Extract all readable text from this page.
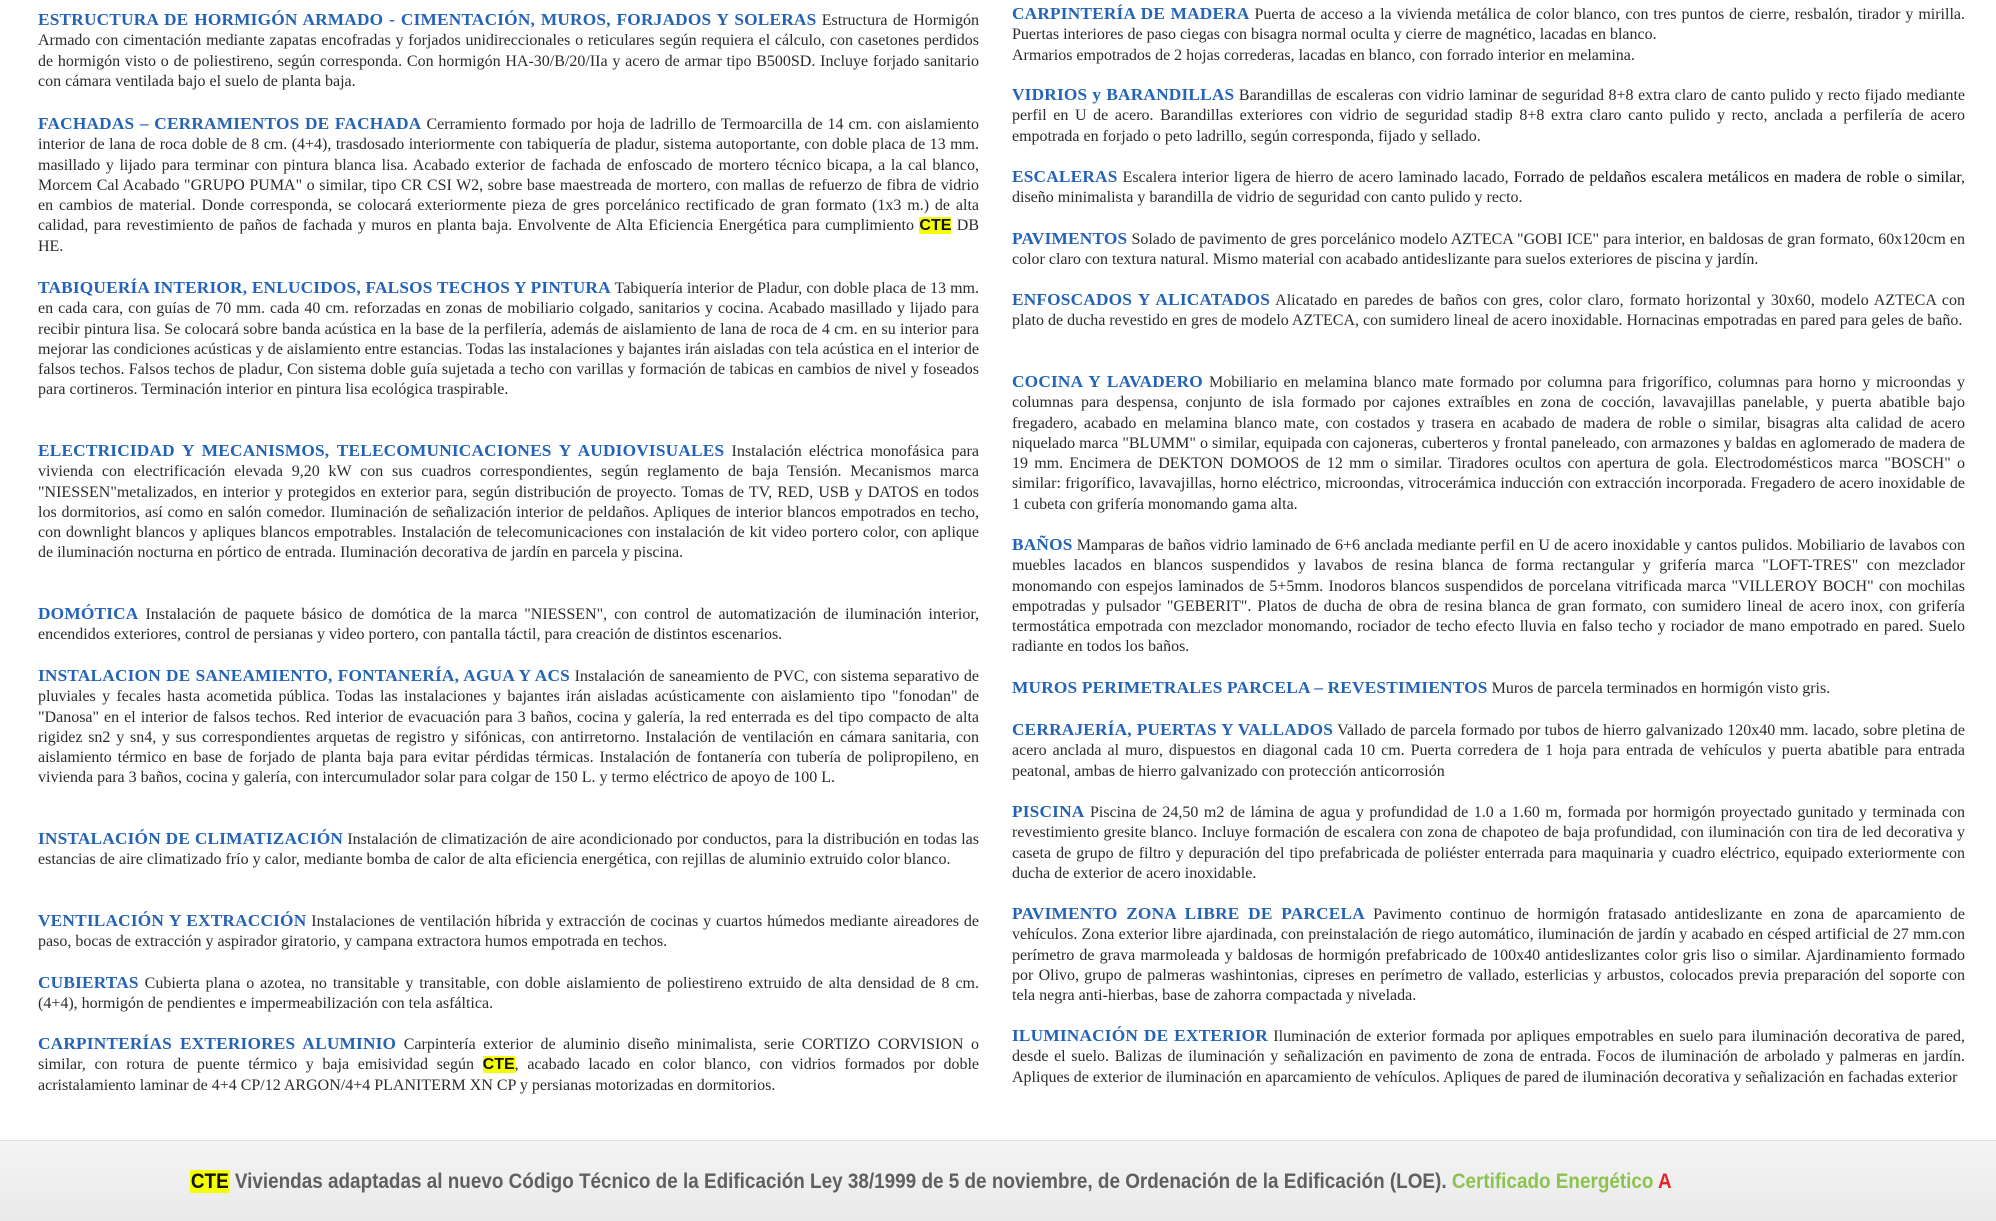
ESTRUCTURA DE HORMIGÓN ARMADO - CIMENTACIÓN, MUROS, FORJADOS Y SOLERAS Estructura de Hormigón Armado con cimentación mediante zapatas encofradas y forjados unidireccionales o reticulares según requiera el cálculo, con casetones perdidos de hormigón visto o de poliestireno, según corresponda. Con hormigón HA-30/B/20/IIa y acero de armar tipo B500SD. Incluye forjado sanitario con cámara ventilada bajo el suelo de planta baja.

FACHADAS – CERRAMIENTOS DE FACHADA Cerramiento formado por hoja de ladrillo de Termoarcilla de 14 cm. con aislamiento interior de lana de roca doble de 8 cm. (4+4), trasdosado interiormente con tabiquería de pladur, sistema autoportante, con doble placa de 13 mm. masillado y lijado para terminar con pintura blanca lisa. Acabado exterior de fachada de enfoscado de mortero técnico bicapa, a la cal blanco, Morcem Cal Acabado "GRUPO PUMA" o similar, tipo CR CSI W2, sobre base maestreada de mortero, con mallas de refuerzo de fibra de vidrio en cambios de material. Donde corresponda, se colocará exteriormente pieza de gres porcelánico rectificado de gran formato (1x3 m.) de alta calidad, para revestimiento de paños de fachada y muros en planta baja. Envolvente de Alta Eficiencia Energética para cumplimiento CTE DB HE.

TABIQUERÍA INTERIOR, ENLUCIDOS, FALSOS TECHOS Y PINTURA Tabiquería interior de Pladur, con doble placa de 13 mm. en cada cara, con guías de 70 mm. cada 40 cm. reforzadas en zonas de mobiliario colgado, sanitarios y cocina. Acabado masillado y lijado para recibir pintura lisa. Se colocará sobre banda acústica en la base de la perfilería, además de aislamiento de lana de roca de 4 cm. en su interior para mejorar las condiciones acústicas y de aislamiento entre estancias. Todas las instalaciones y bajantes irán aisladas con tela acústica en el interior de falsos techos. Falsos techos de pladur, Con sistema doble guía sujetada a techo con varillas y formación de tabicas en cambios de nivel y foseados para cortineros. Terminación interior en pintura lisa ecológica traspirable.

ELECTRICIDAD Y MECANISMOS, TELECOMUNICACIONES Y AUDIOVISUALES Instalación eléctrica monofásica para vivienda con electrificación elevada 9,20 kW con sus cuadros correspondientes, según reglamento de baja Tensión. Mecanismos marca "NIESSEN"metalizados, en interior y protegidos en exterior para, según distribución de proyecto. Tomas de TV, RED, USB y DATOS en todos los dormitorios, así como en salón comedor. Iluminación de señalización interior de peldaños. Apliques de interior blancos empotrados en techo, con downlight blancos y apliques blancos empotrables. Instalación de telecomunicaciones con instalación de kit video portero color, con aplique de iluminación nocturna en pórtico de entrada. Iluminación decorativa de jardín en parcela y piscina.

DOMÓTICA Instalación de paquete básico de domótica de la marca "NIESSEN", con control de automatización de iluminación interior, encendidos exteriores, control de persianas y video portero, con pantalla táctil, para creación de distintos escenarios.

INSTALACION DE SANEAMIENTO, FONTANERÍA, AGUA Y ACS Instalación de saneamiento de PVC, con sistema separativo de pluviales y fecales hasta acometida pública. Todas las instalaciones y bajantes irán aisladas acústicamente con aislamiento tipo "fonodan" de "Danosa" en el interior de falsos techos. Red interior de evacuación para 3 baños, cocina y galería, la red enterrada es del tipo compacto de alta rigidez sn2 y sn4, y sus correspondientes arquetas de registro y sifónicas, con antirretorno. Instalación de ventilación en cámara sanitaria, con aislamiento térmico en base de forjado de planta baja para evitar pérdidas térmicas. Instalación de fontanería con tubería de polipropileno, en vivienda para 3 baños, cocina y galería, con intercumulador solar para colgar de 150 L. y termo eléctrico de apoyo de 100 L.

INSTALACIÓN DE CLIMATIZACIÓN Instalación de climatización de aire acondicionado por conductos, para la distribución en todas las estancias de aire climatizado frío y calor, mediante bomba de calor de alta eficiencia energética, con rejillas de aluminio extruido color blanco.

VENTILACIÓN Y EXTRACCIÓN Instalaciones de ventilación híbrida y extracción de cocinas y cuartos húmedos mediante aireadores de paso, bocas de extracción y aspirador giratorio, y campana extractora humos empotrada en techos.

CUBIERTAS Cubierta plana o azotea, no transitable y transitable, con doble aislamiento de poliestireno extruido de alta densidad de 8 cm. (4+4), hormigón de pendientes e impermeabilización con tela asfáltica.

CARPINTERÍAS EXTERIORES ALUMINIO Carpintería exterior de aluminio diseño minimalista, serie CORTIZO CORVISION o similar, con rotura de puente térmico y baja emisividad según CTE, acabado lacado en color blanco, con vidrios formados por doble acristalamiento laminar de 4+4 CP/12 ARGON/4+4 PLANITERM XN CP y persianas motorizadas en dormitorios.

CARPINTERÍA DE MADERA Puerta de acceso a la vivienda metálica de color blanco, con tres puntos de cierre, resbalón, tirador y mirilla. Puertas interiores de paso ciegas con bisagra normal oculta y cierre de magnético, lacadas en blanco.
Armarios empotrados de 2 hojas correderas, lacadas en blanco, con forrado interior en melamina.

VIDRIOS y BARANDILLAS Barandillas de escaleras con vidrio laminar de seguridad 8+8 extra claro de canto pulido y recto fijado mediante perfil en U de acero. Barandillas exteriores con vidrio de seguridad stadip 8+8 extra claro canto pulido y recto, anclada a perfilería de acero empotrada en forjado o peto ladrillo, según corresponda, fijado y sellado.

ESCALERAS Escalera interior ligera de hierro de acero laminado lacado, Forrado de peldaños escalera metálicos en madera de roble o similar, diseño minimalista y barandilla de vidrio de seguridad con canto pulido y recto.

PAVIMENTOS Solado de pavimento de gres porcelánico modelo AZTECA "GOBI ICE" para interior, en baldosas de gran formato, 60x120cm en color claro con textura natural. Mismo material con acabado antideslizante para suelos exteriores de piscina y jardín.

ENFOSCADOS Y ALICATADOS Alicatado en paredes de baños con gres, color claro, formato horizontal y 30x60, modelo AZTECA con plato de ducha revestido en gres de modelo AZTECA, con sumidero lineal de acero inoxidable. Hornacinas empotradas en pared para geles de baño.

COCINA Y LAVADERO Mobiliario en melamina blanco mate formado por columna para frigorífico, columnas para horno y microondas y columnas para despensa, conjunto de isla formado por cajones extraíbles en zona de cocción, lavavajillas panelable, y puerta abatible bajo fregadero, acabado en melamina blanco mate, con costados y trasera en acabado de madera de roble o similar, bisagras alta calidad de acero niquelado marca "BLUMM" o similar, equipada con cajoneras, cuberteros y frontal paneleado, con armazones y baldas en aglomerado de madera de 19 mm. Encimera de DEKTON DOMOOS de 12 mm o similar. Tiradores ocultos con apertura de gola. Electrodomésticos marca "BOSCH" o similar: frigorífico, lavavajillas, horno eléctrico, microondas, vitrocerámica inducción con extracción incorporada. Fregadero de acero inoxidable de 1 cubeta con grifería monomando gama alta.

BAÑOS Mamparas de baños vidrio laminado de 6+6 anclada mediante perfil en U de acero inoxidable y cantos pulidos. Mobiliario de lavabos con muebles lacados en blancos suspendidos y lavabos de resina blanca de forma rectangular y grifería marca "LOFT-TRES" con mezclador monomando con espejos laminados de 5+5mm. Inodoros blancos suspendidos de porcelana vitrificada marca "VILLEROY BOCH" con mochilas empotradas y pulsador "GEBERIT". Platos de ducha de obra de resina blanca de gran formato, con sumidero lineal de acero inox, con grifería termostática empotrada con mezclador monomando, rociador de techo efecto lluvia en falso techo y rociador de mano empotrado en pared. Suelo radiante en todos los baños.

MUROS PERIMETRALES PARCELA – REVESTIMIENTOS Muros de parcela terminados en hormigón visto gris.

CERRAJERÍA, PUERTAS Y VALLADOS Vallado de parcela formado por tubos de hierro galvanizado 120x40 mm. lacado, sobre pletina de acero anclada al muro, dispuestos en diagonal cada 10 cm. Puerta corredera de 1 hoja para entrada de vehículos y puerta abatible para entrada peatonal, ambas de hierro galvanizado con protección anticorrosión

PISCINA Piscina de 24,50 m2 de lámina de agua y profundidad de 1.0 a 1.60 m, formada por hormigón proyectado gunitado y terminada con revestimiento gresite blanco. Incluye formación de escalera con zona de chapoteo de baja profundidad, con iluminación con tira de led decorativa y caseta de grupo de filtro y depuración del tipo prefabricada de poliéster enterrada para maquinaria y cuadro eléctrico, equipado exteriormente con ducha de exterior de acero inoxidable.

PAVIMENTO ZONA LIBRE DE PARCELA Pavimento continuo de hormigón fratasado antideslizante en zona de aparcamiento de vehículos. Zona exterior libre ajardinada, con preinstalación de riego automático, iluminación de jardín y acabado en césped artificial de 27 mm.con perímetro de grava marmoleada y baldosas de hormigón prefabricado de 100x40 antideslizantes color gris liso o similar. Ajardinamiento formado por Olivo, grupo de palmeras washintonias, cipreses en perímetro de vallado, esterlicias y arbustos, colocados previa preparación del soporte con tela negra anti-hierbas, base de zahorra compactada y nivelada.

ILUMINACIÓN DE EXTERIOR Iluminación de exterior formada por apliques empotrables en suelo para iluminación decorativa de pared, desde el suelo. Balizas de iluminación y señalización en pavimento de zona de entrada. Focos de iluminación de arbolado y palmeras en jardín. Apliques de exterior de iluminación en aparcamiento de vehículos. Apliques de pared de iluminación decorativa y señalización en fachadas exterior

CTE Viviendas adaptadas al nuevo Código Técnico de la Edificación Ley 38/1999 de 5 de noviembre, de Ordenación de la Edificación (LOE). Certificado Energético A
